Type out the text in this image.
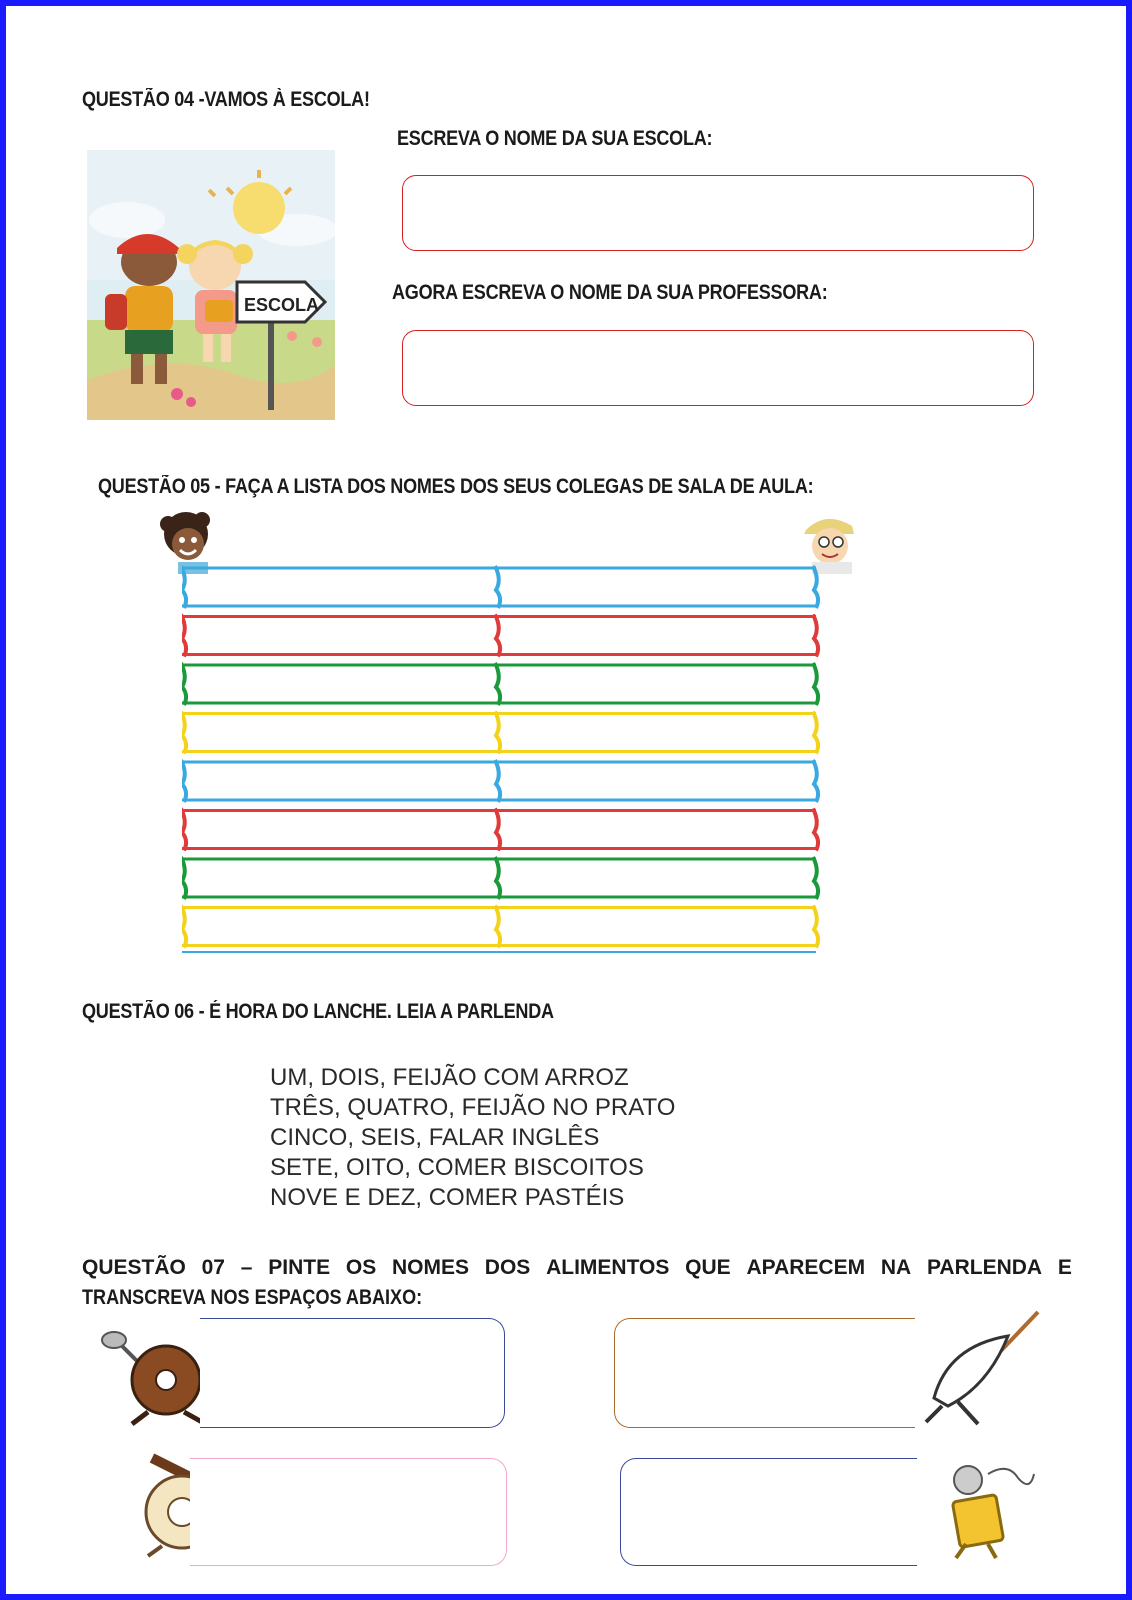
QUESTÃO 04 -VAMOS À ESCOLA!
ESCOLA
ESCREVA O NOME DA SUA ESCOLA:
AGORA ESCREVA O NOME DA SUA PROFESSORA:
QUESTÃO 05 - FAÇA A LISTA DOS NOMES DOS SEUS COLEGAS DE SALA DE AULA:
QUESTÃO 06 - É HORA DO LANCHE. LEIA A PARLENDA
UM, DOIS, FEIJÃO COM ARROZ
TRÊS, QUATRO, FEIJÃO NO PRATO
CINCO, SEIS, FALAR INGLÊS
SETE, OITO, COMER BISCOITOS
NOVE E DEZ, COMER PASTÉIS
QUESTÃO 07 – PINTE OS NOMES DOS ALIMENTOS QUE APARECEM NA PARLENDA E
TRANSCREVA NOS ESPAÇOS ABAIXO:
